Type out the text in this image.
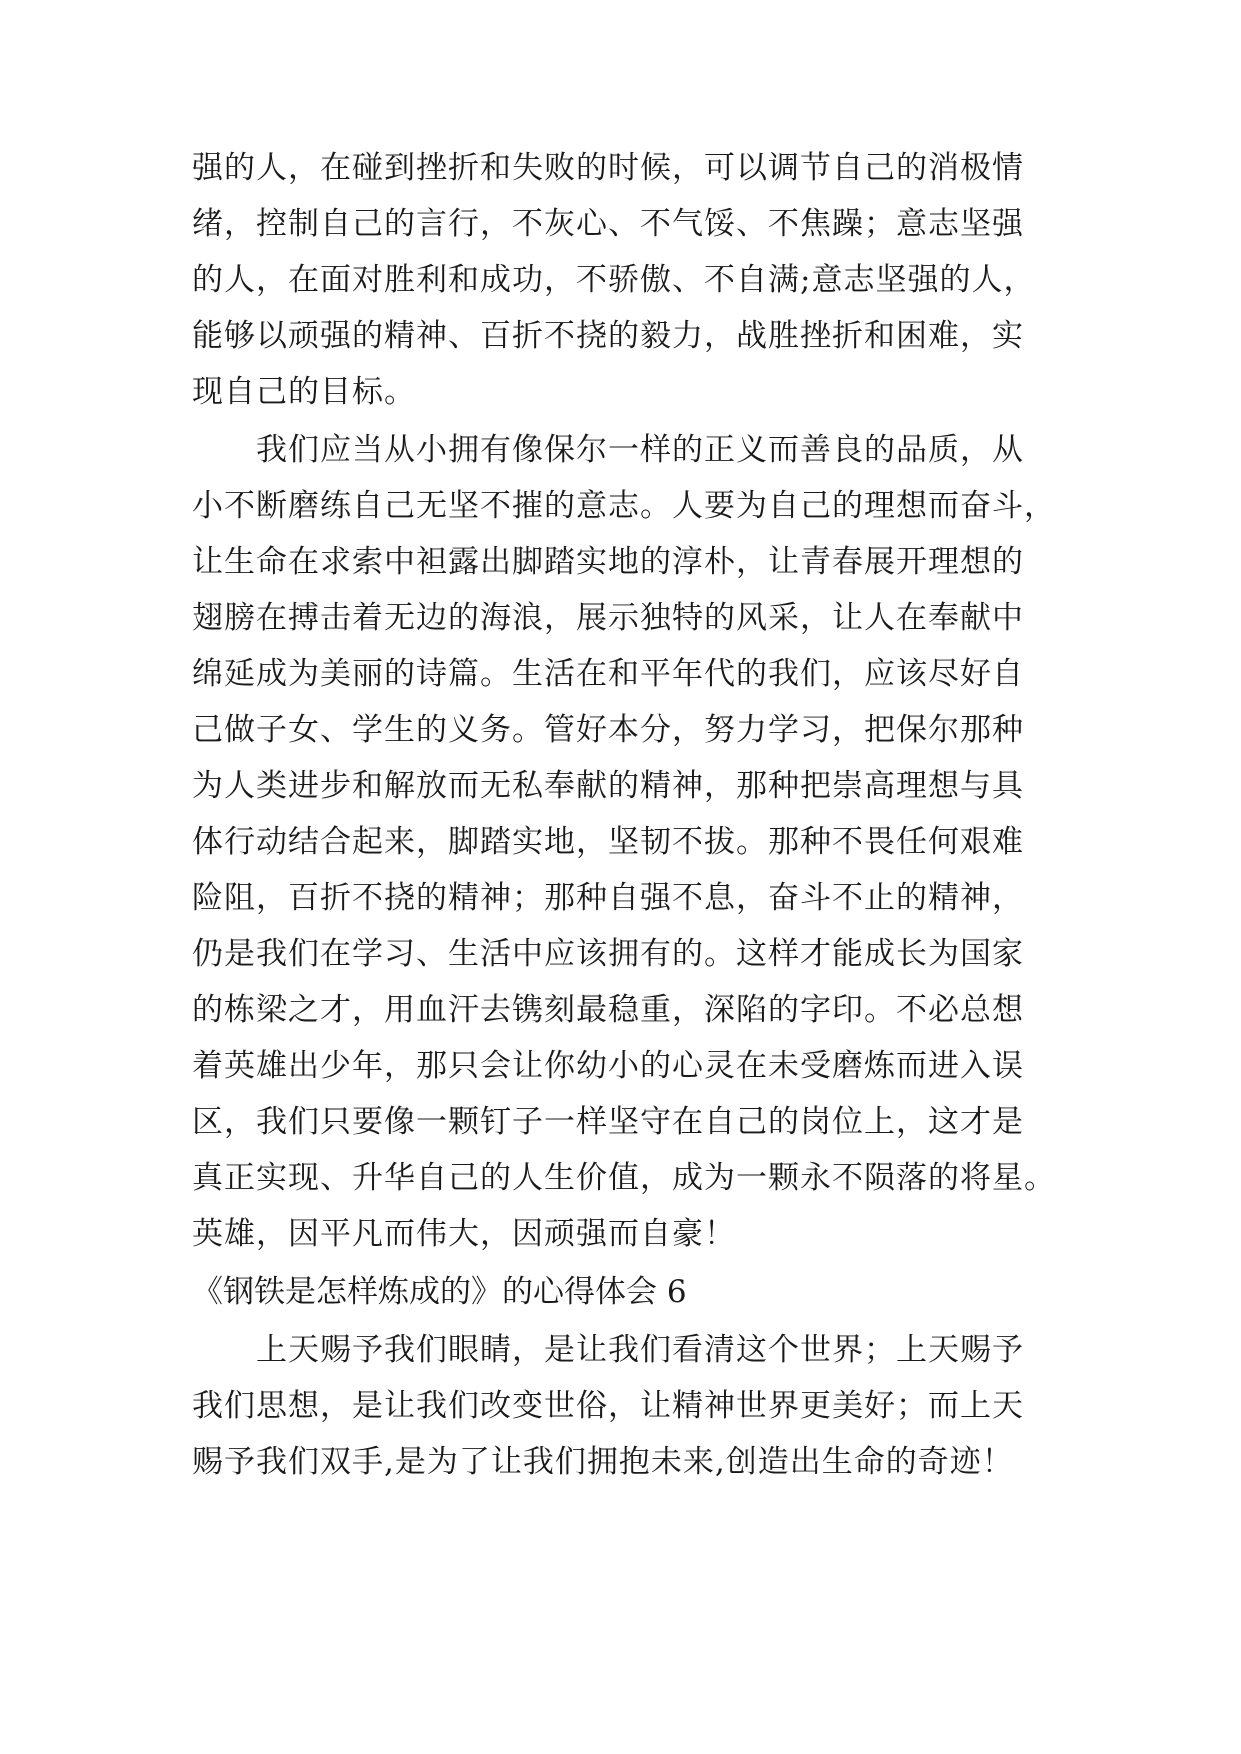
强的人，在碰到挫折和失败的时候，可以调节自己的消极情
绪，控制自己的言行，不灰心、不气馁、不焦躁；意志坚强
的人，在面对胜利和成功，不骄傲、不自满;意志坚强的人，
能够以顽强的精神、百折不挠的毅力，战胜挫折和困难，实
现自己的目标。
我们应当从小拥有像保尔一样的正义而善良的品质，从
小不断磨练自己无坚不摧的意志。人要为自己的理想而奋斗，
让生命在求索中袒露出脚踏实地的淳朴，让青春展开理想的
翅膀在搏击着无边的海浪，展示独特的风采，让人在奉献中
绵延成为美丽的诗篇。生活在和平年代的我们，应该尽好自
己做子女、学生的义务。管好本分，努力学习，把保尔那种
为人类进步和解放而无私奉献的精神，那种把崇高理想与具
体行动结合起来，脚踏实地，坚韧不拔。那种不畏任何艰难
险阻，百折不挠的精神；那种自强不息，奋斗不止的精神，
仍是我们在学习、生活中应该拥有的。这样才能成长为国家
的栋梁之才，用血汗去镌刻最稳重，深陷的字印。不必总想
着英雄出少年，那只会让你幼小的心灵在未受磨炼而进入误
区，我们只要像一颗钉子一样坚守在自己的岗位上，这才是
真正实现、升华自己的人生价值，成为一颗永不陨落的将星。
英雄，因平凡而伟大，因顽强而自豪！
《钢铁是怎样炼成的》的心得体会 6
上天赐予我们眼睛，是让我们看清这个世界；上天赐予
我们思想，是让我们改变世俗，让精神世界更美好；而上天
赐予我们双手,是为了让我们拥抱未来,创造出生命的奇迹！
